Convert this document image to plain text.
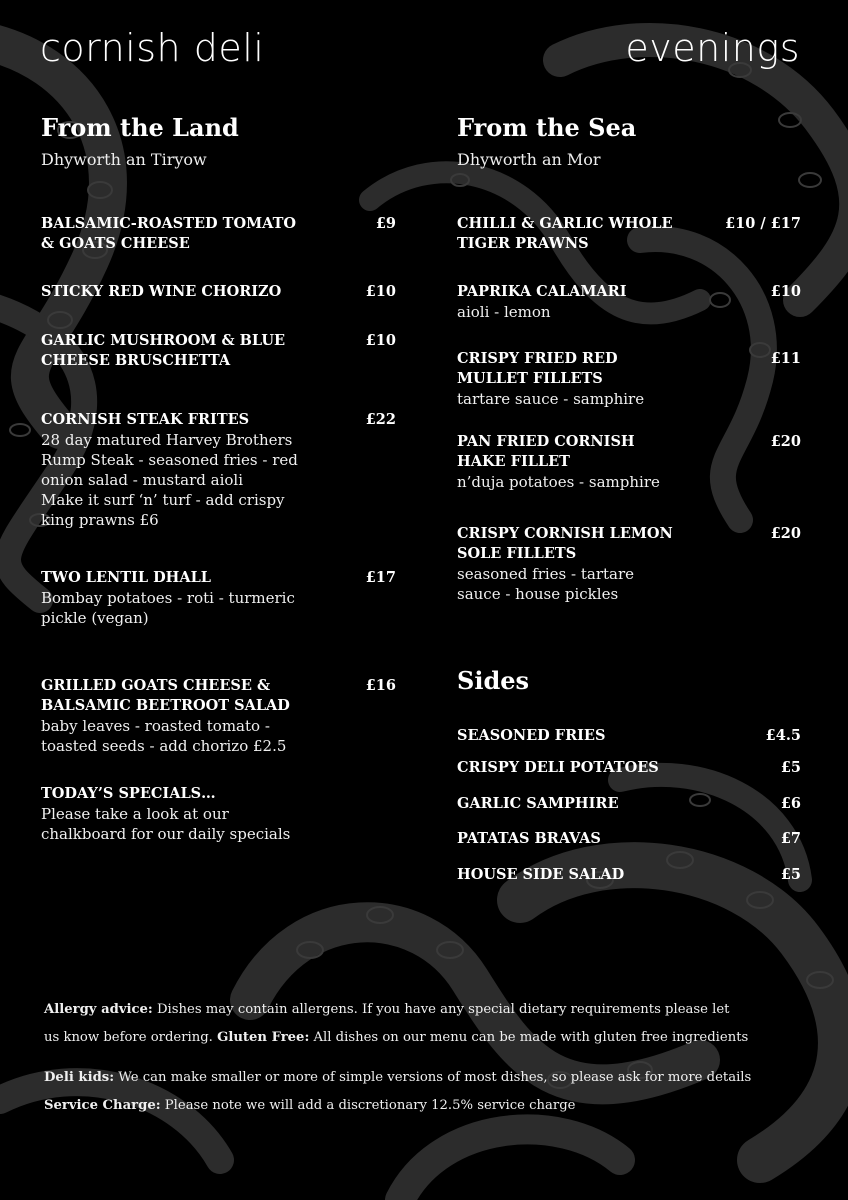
cornish deli	evenings
From the Land
Dhyworth an Tiryow
BALSAMIC-ROASTED TOMATO
& GOATS CHEESE
£9
STICKY RED WINE CHORIZO	£10
GARLIC MUSHROOM & BLUE
CHEESE BRUSCHETTA
£10
CORNISH STEAK FRITES
28 day matured Harvey Brothers
Rump Steak - seasoned fries - red
onion salad - mustard aioli
Make it surf ‘n’ turf - add crispy
king prawns £6
£22
TWO LENTIL DHALL
Bombay potatoes - roti - turmeric
pickle (vegan)
£17
GRILLED GOATS CHEESE &
BALSAMIC BEETROOT SALAD
baby leaves - roasted tomato -
toasted seeds - add chorizo £2.5
£16
TODAY’S SPECIALS…
Please take a look at our
chalkboard for our daily specials
From the Sea
Dhyworth an Mor
CHILLI & GARLIC WHOLE
TIGER PRAWNS
£10 / £17
PAPRIKA CALAMARI
aioli - lemon
£10
CRISPY FRIED RED
MULLET FILLETS
tartare sauce - samphire
£11
PAN FRIED CORNISH
HAKE FILLET
n’duja potatoes - samphire
£20
CRISPY CORNISH LEMON
SOLE FILLETS
seasoned fries - tartare
sauce - house pickles
£20
Sides
SEASONED FRIES	£4.5
CRISPY DELI POTATOES	£5
GARLIC SAMPHIRE	£6
PATATAS BRAVAS	£7
HOUSE SIDE SALAD	£5
Allergy advice: Dishes may contain allergens. If you have any special dietary requirements please let
us know before ordering. Gluten Free: All dishes on our menu can be made with gluten free ingredients
Deli kids: We can make smaller or more of simple versions of most dishes, so please ask for more details
Service Charge: Please note we will add a discretionary 12.5% service charge
